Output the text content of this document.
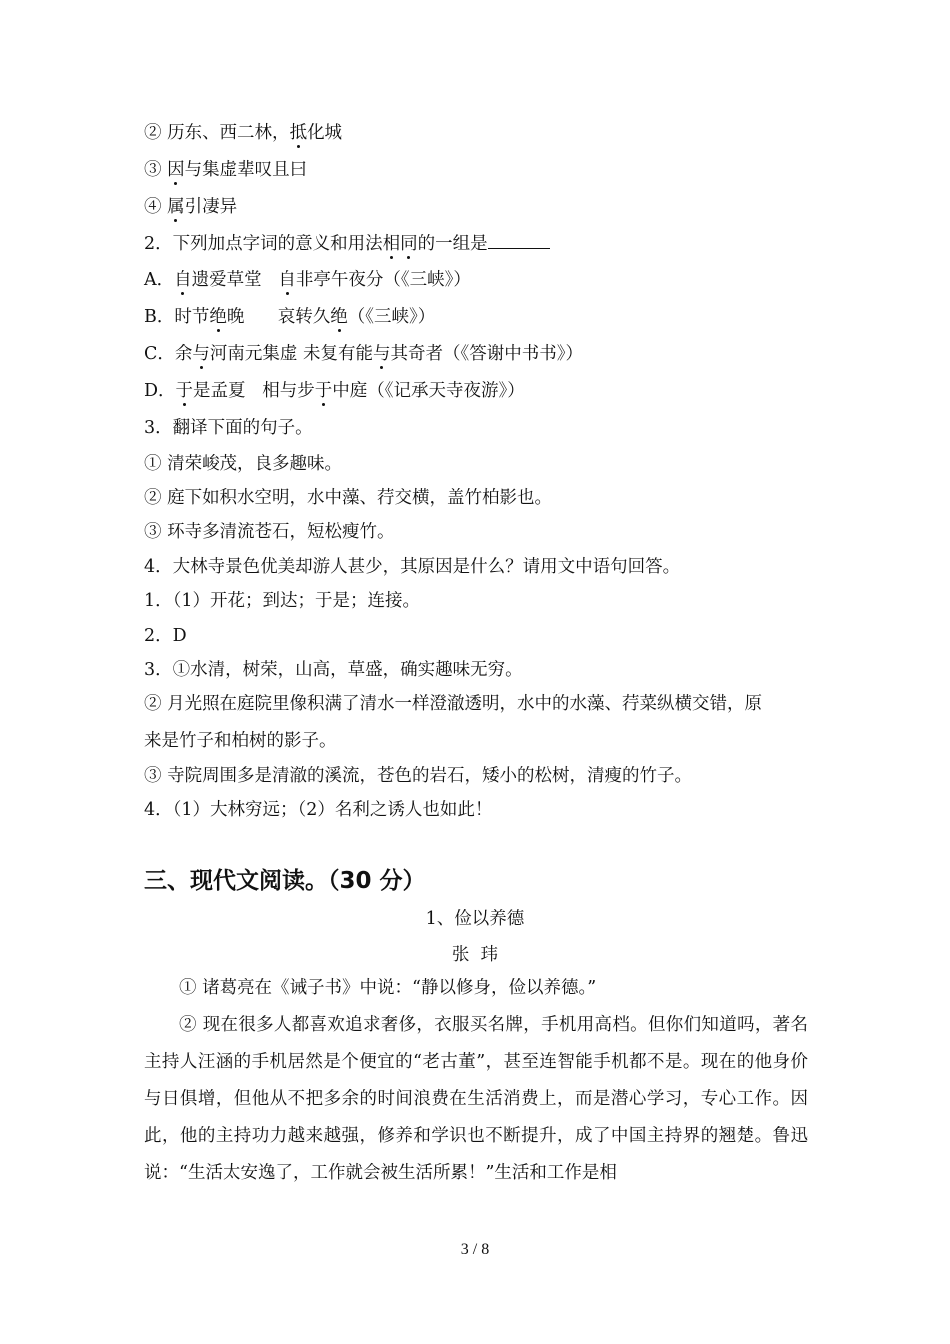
② 历东、西二林，抵化城
③ 因与集虚辈叹且曰
④ 属引凄异
2．下列加点字词的意义和用法相同的一组是
A．自遗爱草堂   自非亭午夜分（《三峡》）
B．时节绝晚      哀转久绝（《三峡》）
C．余与河南元集虚 未复有能与其奇者（《答谢中书书》）
D．于是孟夏   相与步于中庭（《记承天寺夜游》）
3．翻译下面的句子。
① 清荣峻茂，良多趣味。
② 庭下如积水空明，水中藻、荇交横，盖竹柏影也。
③ 环寺多清流苍石，短松瘦竹。
4．大林寺景色优美却游人甚少，其原因是什么？请用文中语句回答。
1．（1）开花；到达；于是；连接。
2．D
3．①水清，树荣，山高，草盛，确实趣味无穷。
② 月光照在庭院里像积满了清水一样澄澈透明，水中的水藻、荇菜纵横交错，原
来是竹子和柏树的影子。
③ 寺院周围多是清澈的溪流，苍色的岩石，矮小的松树，清瘦的竹子。
4．（1）大林穷远；（2）名利之诱人也如此！
三、现代文阅读。（30 分）
1、俭以养德
张  玮
① 诸葛亮在《诫子书》中说：“静以修身，俭以养德。”
② 现在很多人都喜欢追求奢侈，衣服买名牌，手机用高档。但你们知道吗，著名主持人汪涵的手机居然是个便宜的“老古董”，甚至连智能手机都不是。现在的他身价与日俱增，但他从不把多余的时间浪费在生活消费上，而是潜心学习，专心工作。因此，他的主持功力越来越强，修养和学识也不断提升，成了中国主持界的翘楚。鲁迅说：“生活太安逸了，工作就会被生活所累！”生活和工作是相
3 / 8
